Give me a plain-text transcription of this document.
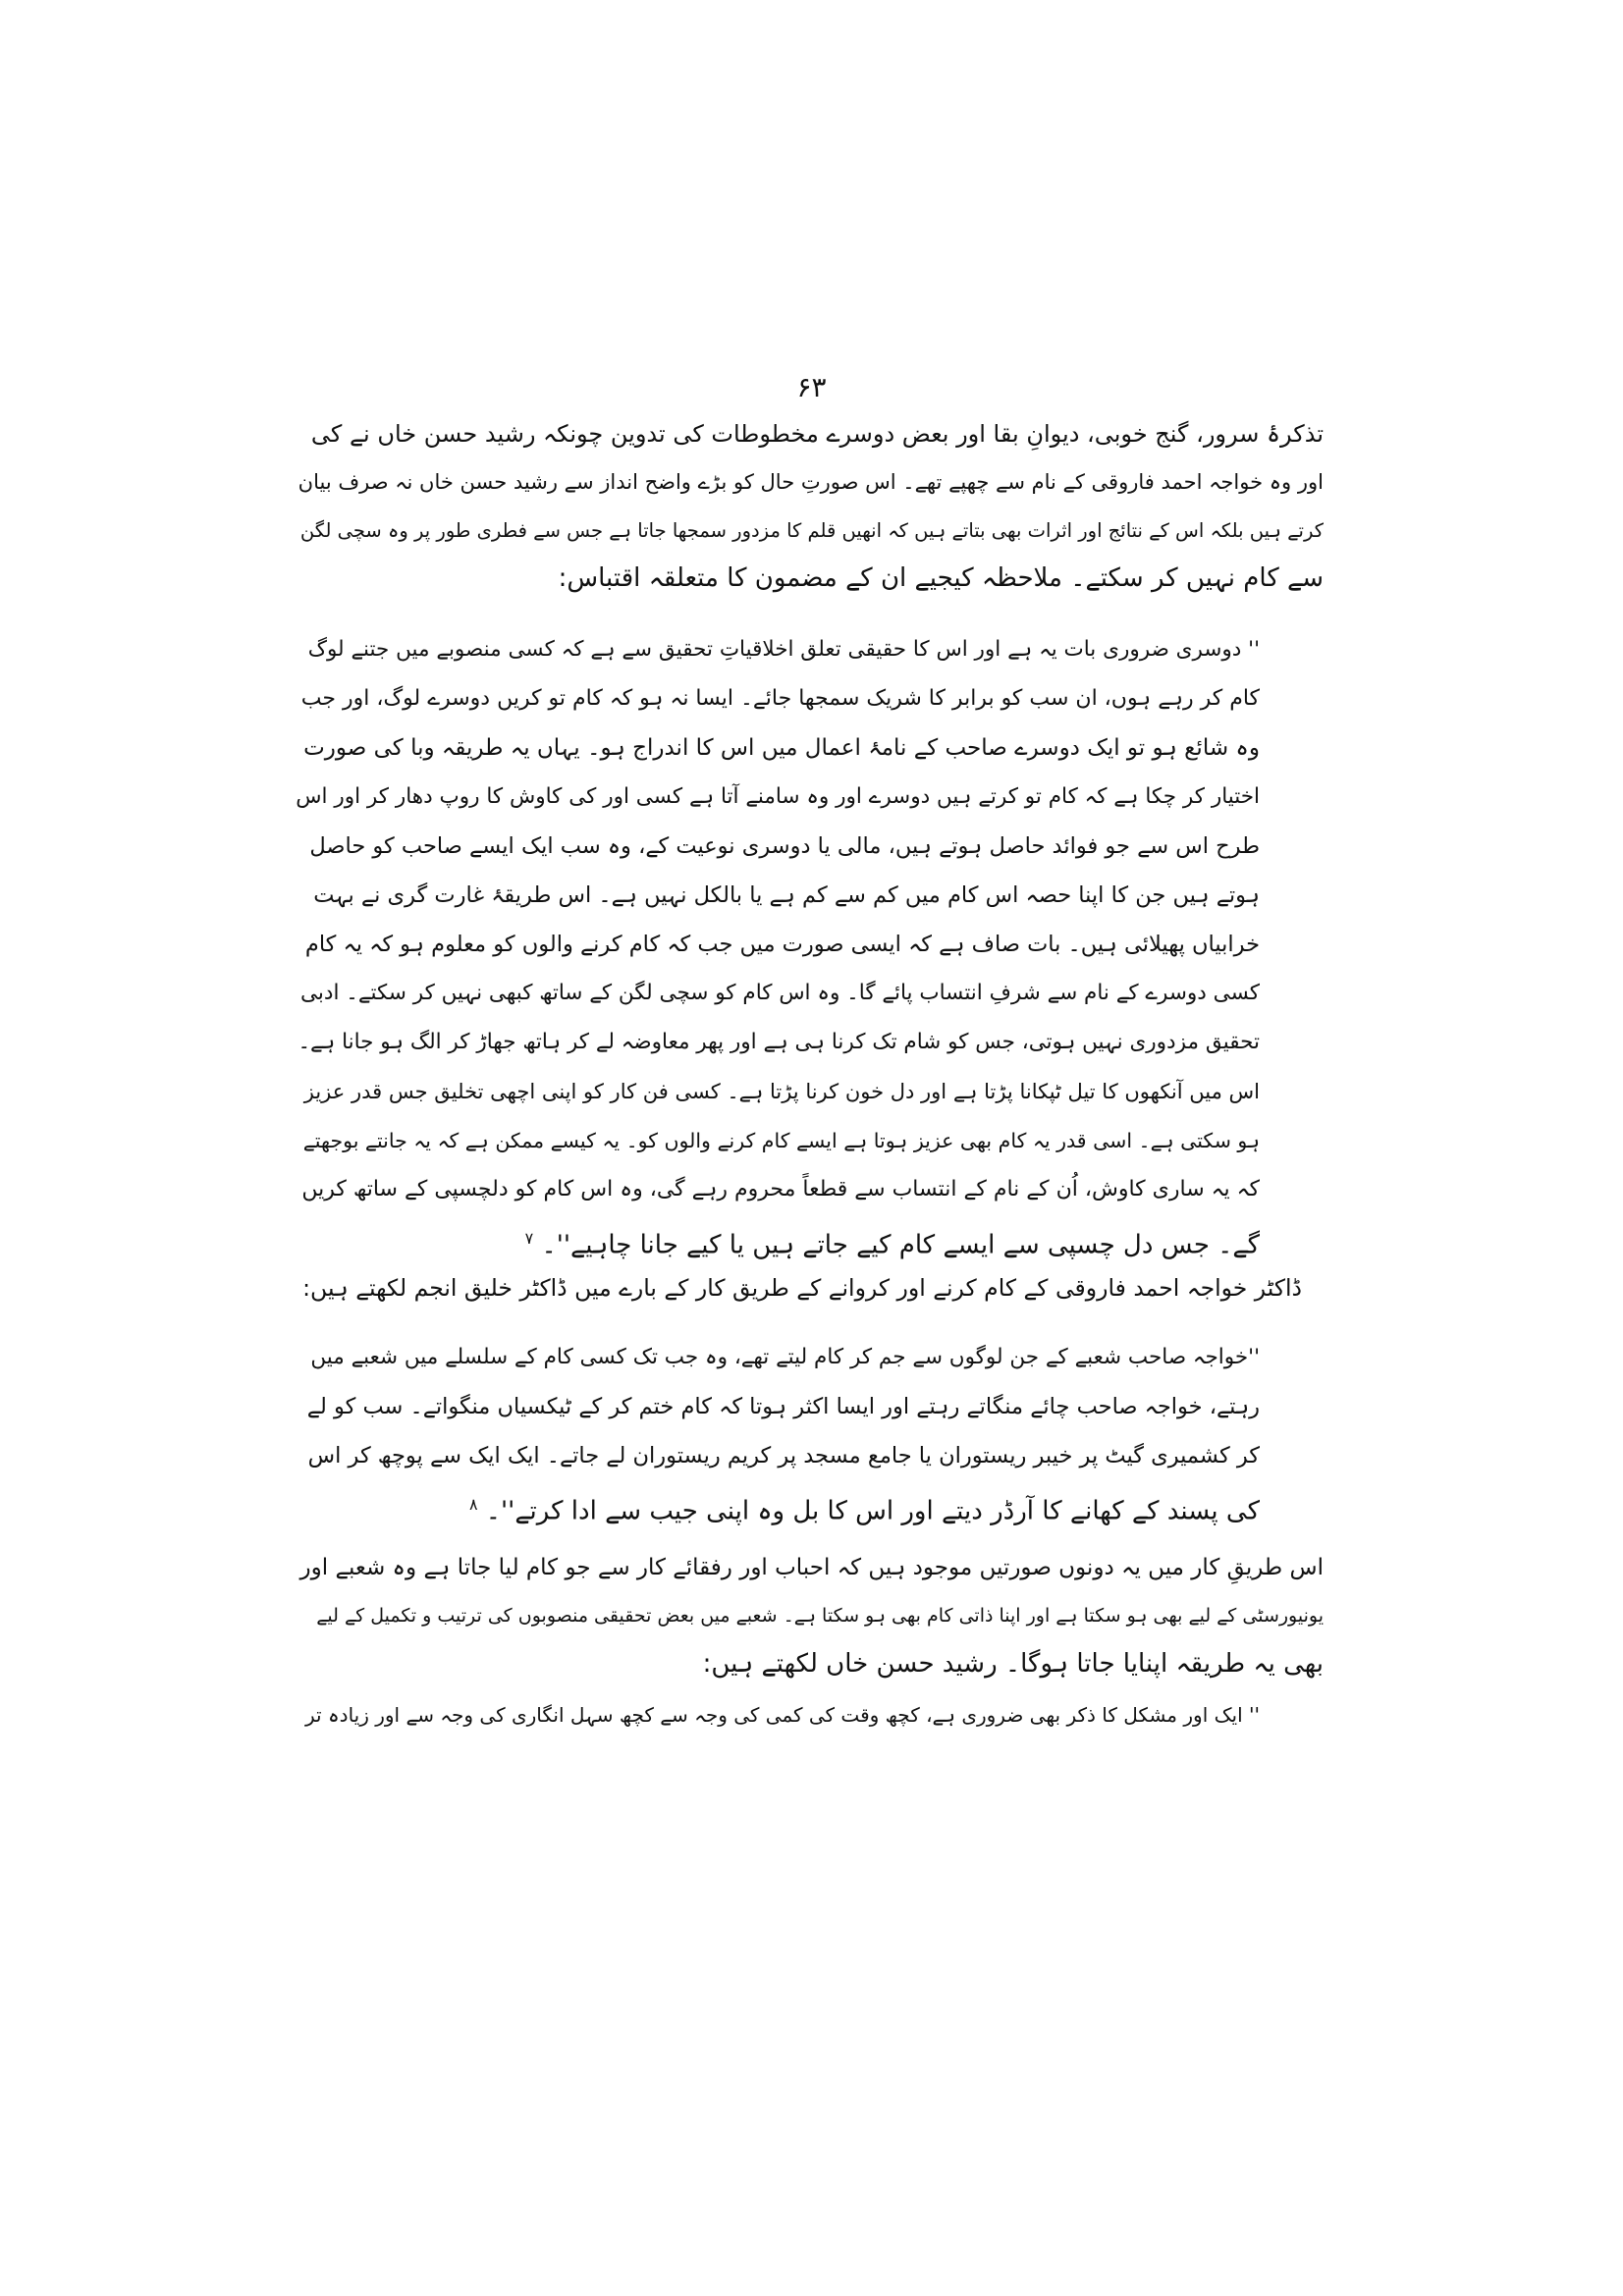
۶۳
تذکرۂ سرور، گنج خوبی، دیوانِ بقا اور بعض دوسرے مخطوطات کی تدوین چونکہ رشید حسن خاں نے کی
اور وہ خواجہ احمد فاروقی کے نام سے چھپے تھے۔ اس صورتِ حال کو بڑے واضح انداز سے رشید حسن خاں نہ صرف بیان
کرتے ہیں بلکہ اس کے نتائج اور اثرات بھی بتاتے ہیں کہ انھیں قلم کا مزدور سمجھا جاتا ہے جس سے فطری طور پر وہ سچی لگن
سے کام نہیں کر سکتے۔ ملاحظہ کیجیے ان کے مضمون کا متعلقہ اقتباس:
'' دوسری ضروری بات یہ ہے اور اس کا حقیقی تعلق اخلاقیاتِ تحقیق سے ہے کہ کسی منصوبے میں جتنے لوگ
کام کر رہے ہوں، ان سب کو برابر کا شریک سمجھا جائے۔ ایسا نہ ہو کہ کام تو کریں دوسرے لوگ، اور جب
وہ شائع ہو تو ایک دوسرے صاحب کے نامۂ اعمال میں اس کا اندراج ہو۔ یہاں یہ طریقہ وبا کی صورت
اختیار کر چکا ہے کہ کام تو کرتے ہیں دوسرے اور وہ سامنے آتا ہے کسی اور کی کاوش کا روپ دھار کر اور اس
طرح اس سے جو فوائد حاصل ہوتے ہیں، مالی یا دوسری نوعیت کے، وہ سب ایک ایسے صاحب کو حاصل
ہوتے ہیں جن کا اپنا حصہ اس کام میں کم سے کم ہے یا بالکل نہیں ہے۔ اس طریقۂ غارت گری نے بہت
خرابیاں پھیلائی ہیں۔ بات صاف ہے کہ ایسی صورت میں جب کہ کام کرنے والوں کو معلوم ہو کہ یہ کام
کسی دوسرے کے نام سے شرفِ انتساب پائے گا۔ وہ اس کام کو سچی لگن کے ساتھ کبھی نہیں کر سکتے۔ ادبی
تحقیق مزدوری نہیں ہوتی، جس کو شام تک کرنا ہی ہے اور پھر معاوضہ لے کر ہاتھ جھاڑ کر الگ ہو جانا ہے۔
اس میں آنکھوں کا تیل ٹپکانا پڑتا ہے اور دل خون کرنا پڑتا ہے۔ کسی فن کار کو اپنی اچھی تخلیق جس قدر عزیز
ہو سکتی ہے۔ اسی قدر یہ کام بھی عزیز ہوتا ہے ایسے کام کرنے والوں کو۔ یہ کیسے ممکن ہے کہ یہ جانتے بوجھتے
کہ یہ ساری کاوش، اُن کے نام کے انتساب سے قطعاً محروم رہے گی، وہ اس کام کو دلچسپی کے ساتھ کریں
گے۔ جس دل چسپی سے ایسے کام کیے جاتے ہیں یا کیے جانا چاہیے''۔ $^۷$
ڈاکٹر خواجہ احمد فاروقی کے کام کرنے اور کروانے کے طریق کار کے بارے میں ڈاکٹر خلیق انجم لکھتے ہیں:
''خواجہ صاحب شعبے کے جن لوگوں سے جم کر کام لیتے تھے، وہ جب تک کسی کام کے سلسلے میں شعبے میں
رہتے، خواجہ صاحب چائے منگاتے رہتے اور ایسا اکثر ہوتا کہ کام ختم کر کے ٹیکسیاں منگواتے۔ سب کو لے
کر کشمیری گیٹ پر خیبر ریستوران یا جامع مسجد پر کریم ریستوران لے جاتے۔ ایک ایک سے پوچھ کر اس
کی پسند کے کھانے کا آرڈر دیتے اور اس کا بل وہ اپنی جیب سے ادا کرتے''۔ $^۸$
اس طریقِ کار میں یہ دونوں صورتیں موجود ہیں کہ احباب اور رفقائے کار سے جو کام لیا جاتا ہے وہ شعبے اور
یونیورسٹی کے لیے بھی ہو سکتا ہے اور اپنا ذاتی کام بھی ہو سکتا ہے۔ شعبے میں بعض تحقیقی منصوبوں کی ترتیب و تکمیل کے لیے
بھی یہ طریقہ اپنایا جاتا ہوگا۔ رشید حسن خاں لکھتے ہیں:
'' ایک اور مشکل کا ذکر بھی ضروری ہے، کچھ وقت کی کمی کی وجہ سے کچھ سہل انگاری کی وجہ سے اور زیادہ تر
